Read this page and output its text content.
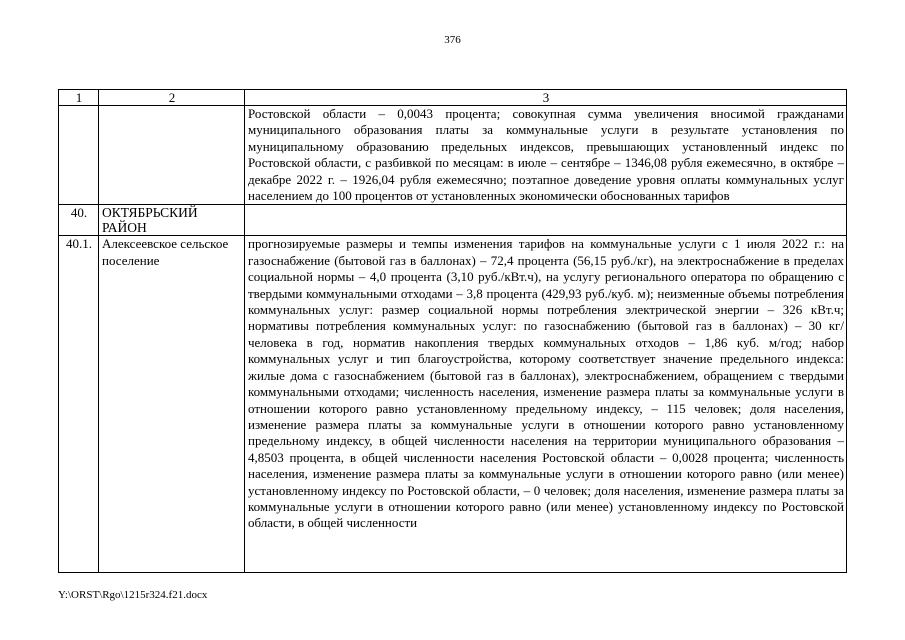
376
1	2	3
		Ростовской области – 0,0043 процента; совокупная сумма увеличения вносимой гражданами муниципального образования платы за коммунальные услуги в результате установления по муниципальному образованию предельных индексов, превышающих установленный индекс по Ростовской области, с разбивкой по месяцам: в июле – сентябре – 1346,08 рубля ежемесячно, в октябре – декабре 2022 г. – 1926,04 рубля ежемесячно; поэтапное доведение уровня оплаты коммунальных услуг населением до 100 процентов от установленных экономически обоснованных тарифов
40.	ОКТЯБРЬСКИЙ РАЙОН	
40.1.	Алексеевское сельское поселение	прогнозируемые размеры и темпы изменения тарифов на коммунальные услуги с 1 июля 2022 г.: на газоснабжение (бытовой газ в баллонах) – 72,4 процента (56,15 руб./кг), на электроснабжение в пределах социальной нормы – 4,0 процента (3,10 руб./кВт.ч), на услугу регионального оператора по обращению с твердыми коммунальными отходами – 3,8 процента (429,93 руб./куб. м); неизменные объемы потребления коммунальных услуг: размер социальной нормы потребления электрической энергии – 326 кВт.ч; нормативы потребления коммунальных услуг: по газоснабжению (бытовой газ в баллонах) – 30 кг/человека в год, норматив накопления твердых коммунальных отходов – 1,86 куб. м/год; набор коммунальных услуг и тип благоустройства, которому соответствует значение предельного индекса: жилые дома с газоснабжением (бытовой газ в баллонах), электроснабжением, обращением с твердыми коммунальными отходами; численность населения, изменение размера платы за коммунальные услуги в отношении которого равно установленному предельному индексу, – 115 человек; доля населения, изменение размера платы за коммунальные услуги в отношении которого равно установленному предельному индексу, в общей численности населения на территории муниципального образования – 4,8503 процента, в общей численности населения Ростовской области – 0,0028 процента; численность населения, изменение размера платы за коммунальные услуги в отношении которого равно (или менее) установленному индексу по Ростовской области, – 0 человек; доля населения, изменение размера платы за коммунальные услуги в отношении которого равно (или менее) установленному индексу по Ростовской области, в общей численности
Y:\ORST\Rgo\1215r324.f21.docx
